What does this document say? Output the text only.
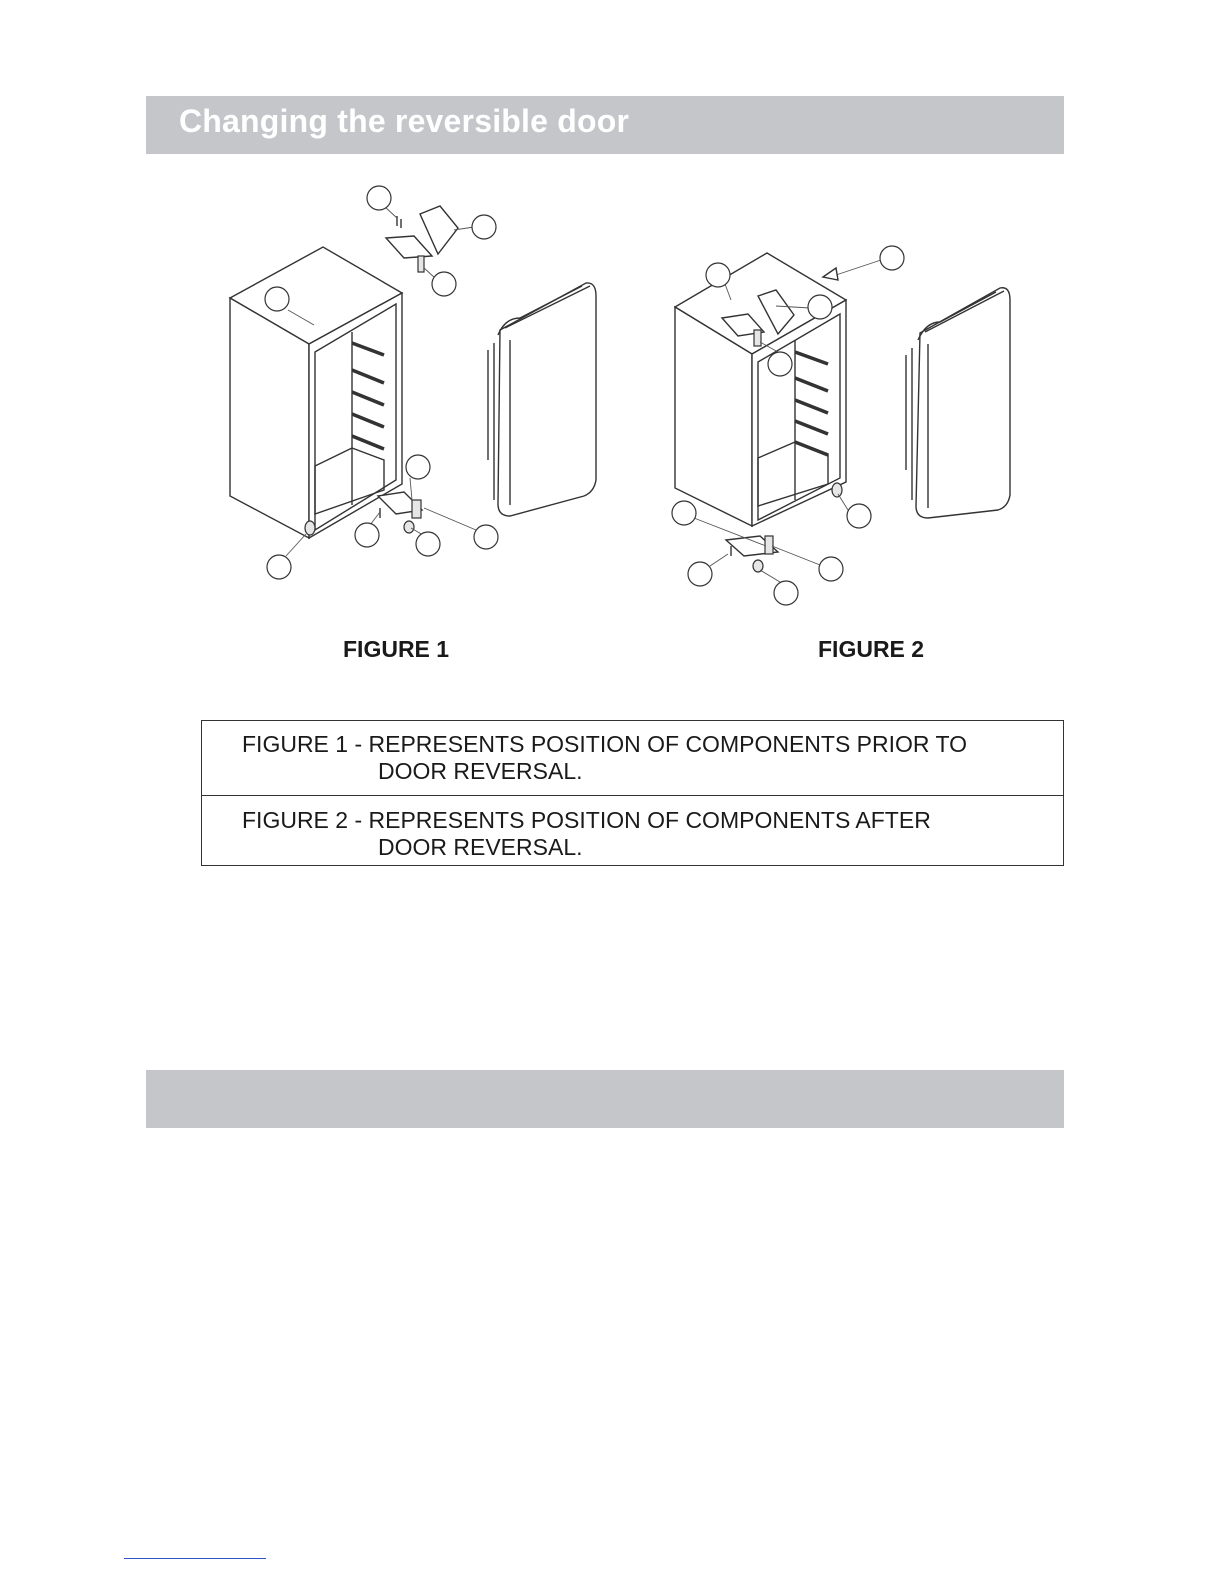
Changing the reversible door
FIGURE 1	FIGURE 2
FIGURE 1 - REPRESENTS POSITION OF COMPONENTS PRIOR TO
DOOR REVERSAL.
FIGURE 2 - REPRESENTS POSITION OF COMPONENTS AFTER
DOOR REVERSAL.
